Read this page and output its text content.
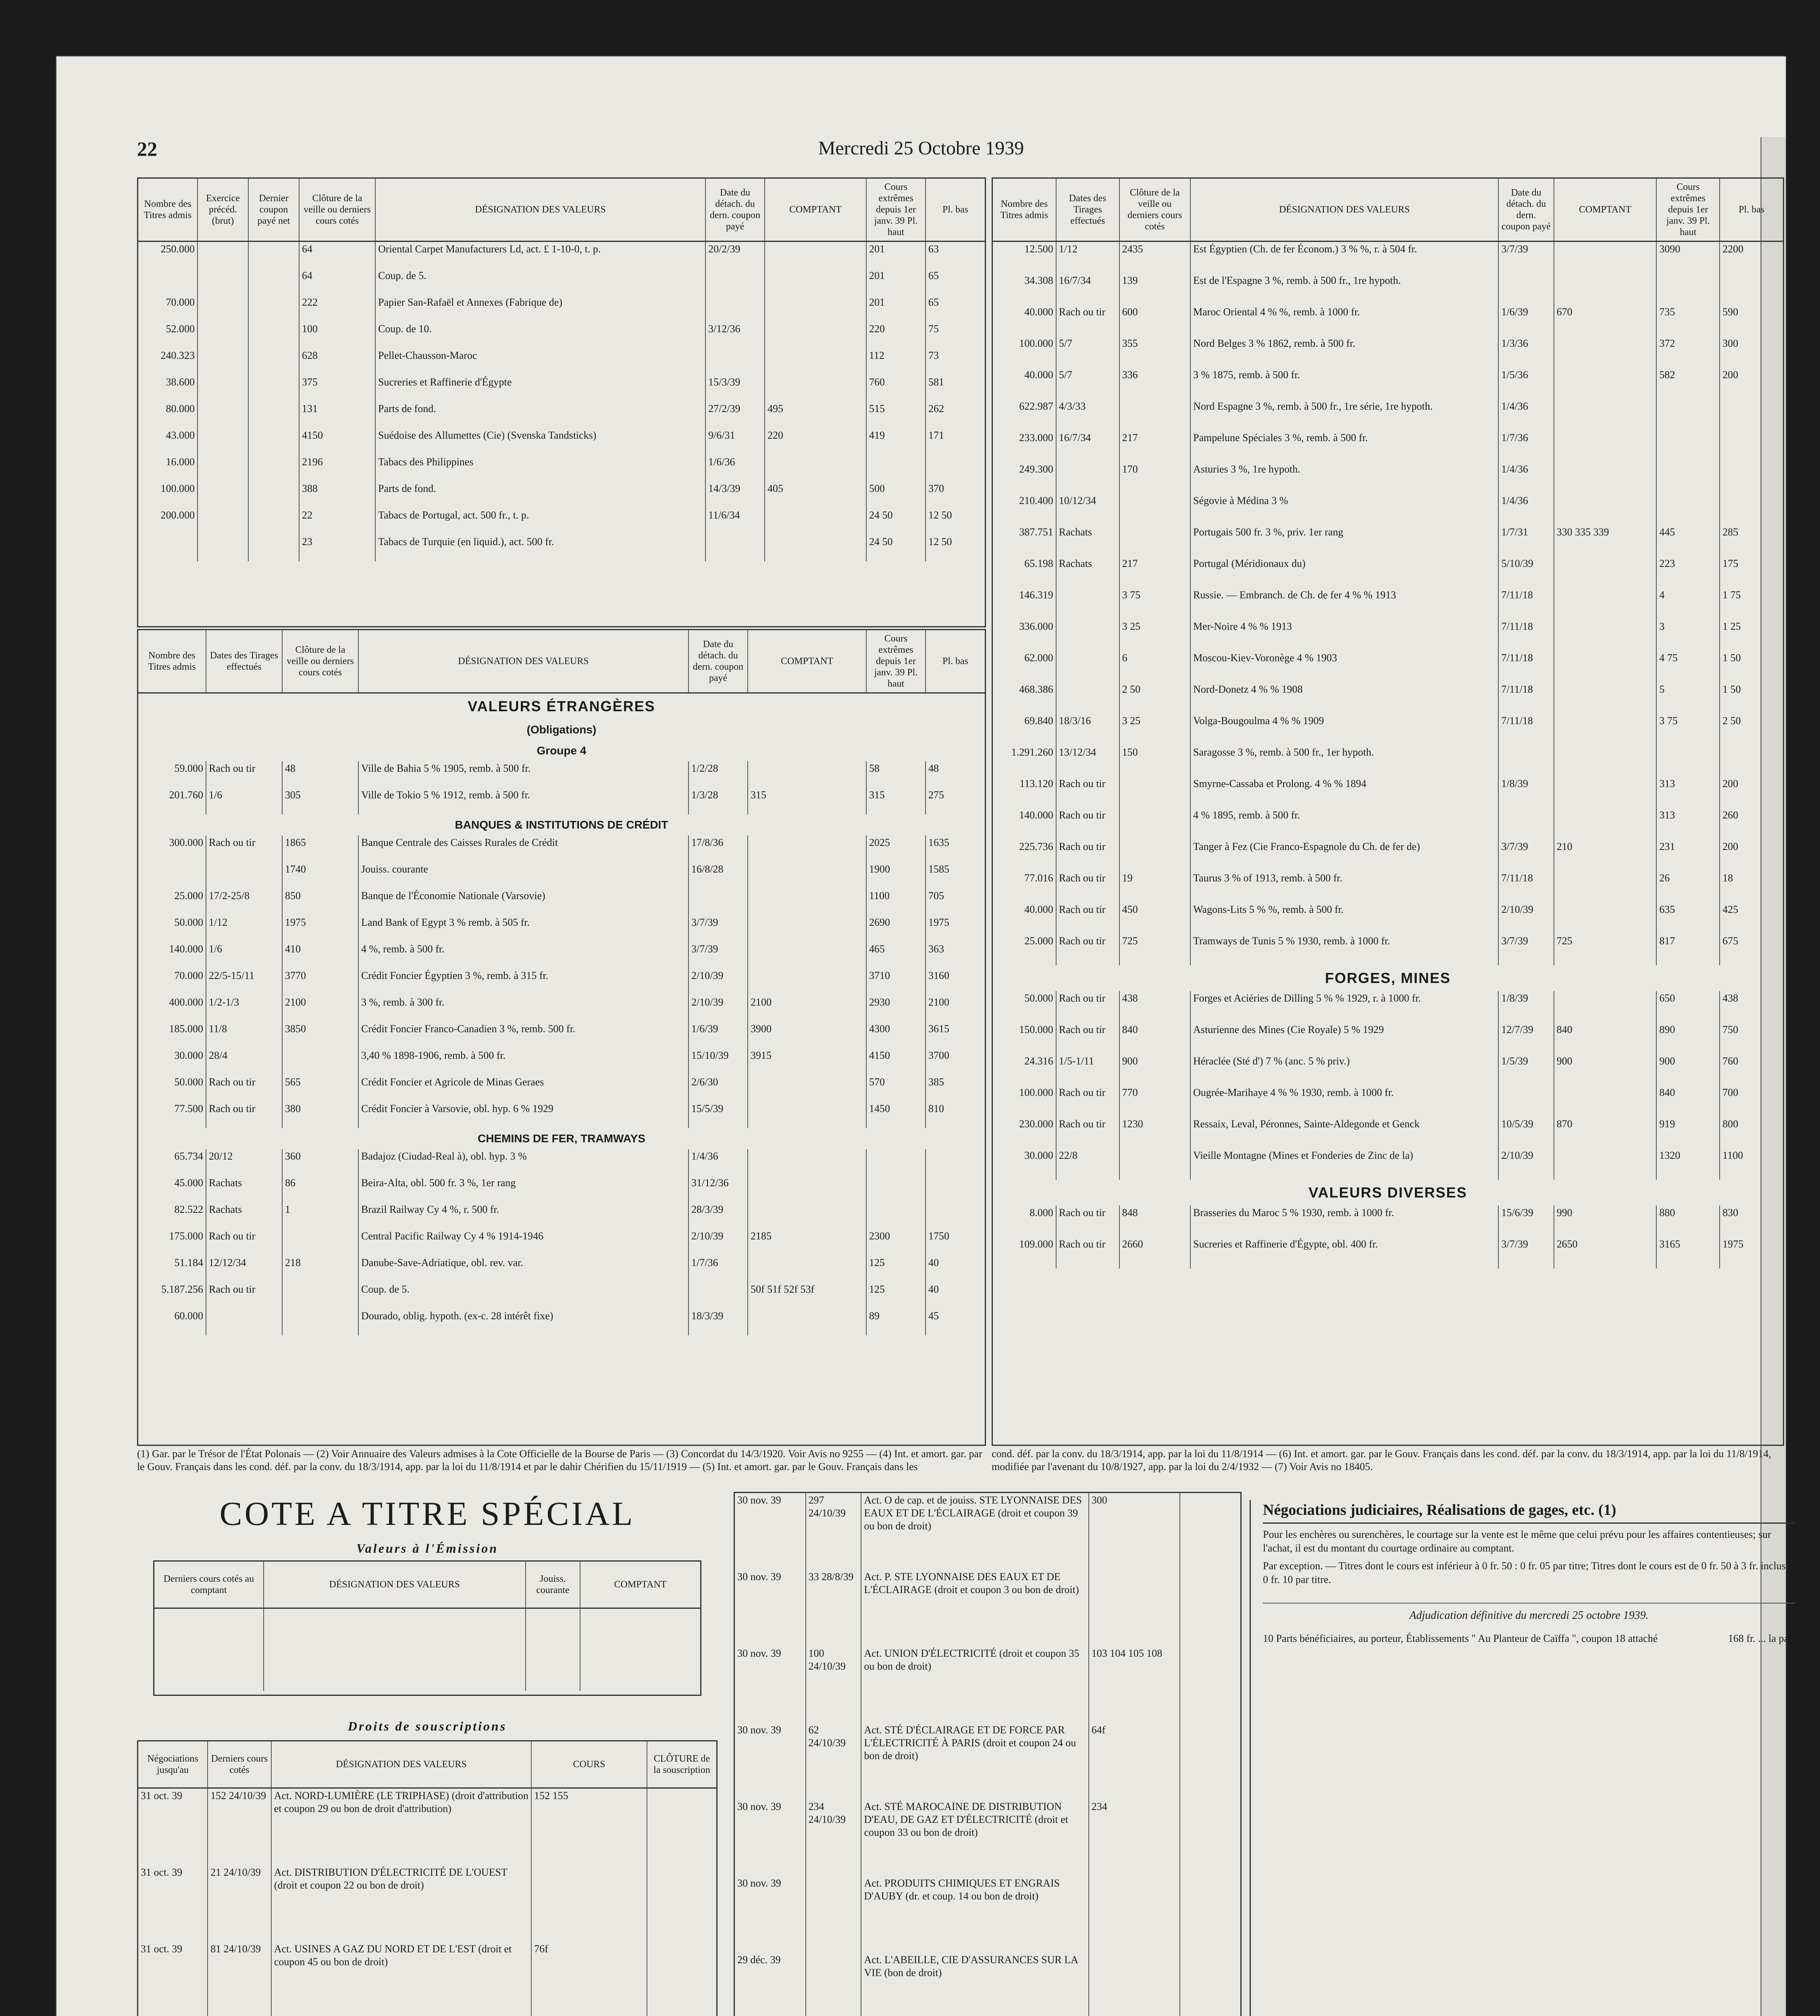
22	Mercredi 25 Octobre 1939
Nombre des Titres admis	Exercice précéd. (brut)	Dernier coupon payé net	Clôture de la veille ou derniers cours cotés	DÉSIGNATION DES VALEURS	Date du détach. du dern. coupon payé	COMPTANT	Cours extrêmes depuis 1er janv. 39 Pl. haut	Pl. bas
250.000			64	Oriental Carpet Manufacturers Ld, act. £ 1-10-0, t. p.	20/2/39		201	63
			64	Coup. de 5.			201	65
70.000			222	Papier San-Rafaël et Annexes (Fabrique de)			201	65
52.000			100	Coup. de 10.	3/12/36		220	75
240.323			628	Pellet-Chausson-Maroc			112	73
38.600			375	Sucreries et Raffinerie d'Égypte	15/3/39		760	581
80.000			131	Parts de fond.	27/2/39	495	515	262
43.000			4150	Suédoise des Allumettes (Cie) (Svenska Tandsticks)	9/6/31	220	419	171
16.000			2196	Tabacs des Philippines	1/6/36			
100.000			388	Parts de fond.	14/3/39	405	500	370
200.000			22	Tabacs de Portugal, act. 500 fr., t. p.	11/6/34		24 50	12 50
			23	Tabacs de Turquie (en liquid.), act. 500 fr.			24 50	12 50
Nombre des Titres admis	Dates des Tirages effectués	Clôture de la veille ou derniers cours cotés	DÉSIGNATION DES VALEURS	Date du détach. du dern. coupon payé	COMPTANT	Cours extrêmes depuis 1er janv. 39 Pl. haut	Pl. bas
VALEURS ÉTRANGÈRES							
(Obligations)							
Groupe 4							
59.000	Rach ou tir	48	Ville de Bahia 5 % 1905, remb. à 500 fr.	1/2/28		58	48
201.760	1/6	305	Ville de Tokio 5 % 1912, remb. à 500 fr.	1/3/28	315	315	275
BANQUES & INSTITUTIONS DE CRÉDIT							
300.000	Rach ou tir	1865	Banque Centrale des Caisses Rurales de Crédit	17/8/36		2025	1635
		1740	Jouiss. courante	16/8/28		1900	1585
25.000	17/2-25/8	850	Banque de l'Économie Nationale (Varsovie)			1100	705
50.000	1/12	1975	Land Bank of Egypt 3 % remb. à 505 fr.	3/7/39		2690	1975
140.000	1/6	410	4 %, remb. à 500 fr.	3/7/39		465	363
70.000	22/5-15/11	3770	Crédit Foncier Égyptien 3 %, remb. à 315 fr.	2/10/39		3710	3160
400.000	1/2-1/3	2100	3 %, remb. à 300 fr.	2/10/39	2100	2930	2100
185.000	11/8	3850	Crédit Foncier Franco-Canadien 3 %, remb. 500 fr.	1/6/39	3900	4300	3615
30.000	28/4		3,40 % 1898-1906, remb. à 500 fr.	15/10/39	3915	4150	3700
50.000	Rach ou tir	565	Crédit Foncier et Agricole de Minas Geraes	2/6/30		570	385
77.500	Rach ou tir	380	Crédit Foncier à Varsovie, obl. hyp. 6 % 1929	15/5/39		1450	810
CHEMINS DE FER, TRAMWAYS							
65.734	20/12	360	Badajoz (Ciudad-Real à), obl. hyp. 3 %	1/4/36			
45.000	Rachats	86	Beira-Alta, obl. 500 fr. 3 %, 1er rang	31/12/36			
82.522	Rachats	1	Brazil Railway Cy 4 %, r. 500 fr.	28/3/39			
175.000	Rach ou tir		Central Pacific Railway Cy 4 % 1914-1946	2/10/39	2185	2300	1750
51.184	12/12/34	218	Danube-Save-Adriatique, obl. rev. var.	1/7/36		125	40
5.187.256	Rach ou tir		Coup. de 5.		50f 51f 52f 53f	125	40
60.000			Dourado, oblig. hypoth. (ex-c. 28 intérêt fixe)	18/3/39		89	45
Nombre des Titres admis	Dates des Tirages effectués	Clôture de la veille ou derniers cours cotés	DÉSIGNATION DES VALEURS	Date du détach. du dern. coupon payé	COMPTANT	Cours extrêmes depuis 1er janv. 39 Pl. haut	Pl. bas
12.500	1/12	2435	Est Égyptien (Ch. de fer Économ.) 3 % %, r. à 504 fr.	3/7/39		3090	2200
34.308	16/7/34	139	Est de l'Espagne 3 %, remb. à 500 fr., 1re hypoth.				
40.000	Rach ou tir	600	Maroc Oriental 4 % %, remb. à 1000 fr.	1/6/39	670	735	590
100.000	5/7	355	Nord Belges 3 % 1862, remb. à 500 fr.	1/3/36		372	300
40.000	5/7	336	3 % 1875, remb. à 500 fr.	1/5/36		582	200
622.987	4/3/33		Nord Espagne 3 %, remb. à 500 fr., 1re série, 1re hypoth.	1/4/36			
233.000	16/7/34	217	Pampelune Spéciales 3 %, remb. à 500 fr.	1/7/36			
249.300		170	Asturies 3 %, 1re hypoth.	1/4/36			
210.400	10/12/34		Ségovie à Médina 3 %	1/4/36			
387.751	Rachats		Portugais 500 fr. 3 %, priv. 1er rang	1/7/31	330 335 339	445	285
65.198	Rachats	217	Portugal (Méridionaux du)	5/10/39		223	175
146.319		3 75	Russie. — Embranch. de Ch. de fer 4 % % 1913	7/11/18		4	1 75
336.000		3 25	Mer-Noire 4 % % 1913	7/11/18		3	1 25
62.000		6	Moscou-Kiev-Voronège 4 % 1903	7/11/18		4 75	1 50
468.386		2 50	Nord-Donetz 4 % % 1908	7/11/18		5	1 50
69.840	18/3/16	3 25	Volga-Bougoulma 4 % % 1909	7/11/18		3 75	2 50
1.291.260	13/12/34	150	Saragosse 3 %, remb. à 500 fr., 1er hypoth.				
113.120	Rach ou tir		Smyrne-Cassaba et Prolong. 4 % % 1894	1/8/39		313	200
140.000	Rach ou tir		4 % 1895, remb. à 500 fr.			313	260
225.736	Rach ou tir		Tanger à Fez (Cie Franco-Espagnole du Ch. de fer de)	3/7/39	210	231	200
77.016	Rach ou tir	19	Taurus 3 % of 1913, remb. à 500 fr.	7/11/18		26	18
40.000	Rach ou tir	450	Wagons-Lits 5 % %, remb. à 500 fr.	2/10/39		635	425
25.000	Rach ou tir	725	Tramways de Tunis 5 % 1930, remb. à 1000 fr.	3/7/39	725	817	675
FORGES, MINES							
50.000	Rach ou tir	438	Forges et Aciéries de Dilling 5 % % 1929, r. à 1000 fr.	1/8/39		650	438
150.000	Rach ou tir	840	Asturienne des Mines (Cie Royale) 5 % 1929	12/7/39	840	890	750
24.316	1/5-1/11	900	Héraclée (Sté d') 7 % (anc. 5 % priv.)	1/5/39	900	900	760
100.000	Rach ou tir	770	Ougrée-Marihaye 4 % % 1930, remb. à 1000 fr.			840	700
230.000	Rach ou tir	1230	Ressaix, Leval, Péronnes, Sainte-Aldegonde et Genck	10/5/39	870	919	800
30.000	22/8		Vieille Montagne (Mines et Fonderies de Zinc de la)	2/10/39		1320	1100
VALEURS DIVERSES							
8.000	Rach ou tir	848	Brasseries du Maroc 5 % 1930, remb. à 1000 fr.	15/6/39	990	880	830
109.000	Rach ou tir	2660	Sucreries et Raffinerie d'Égypte, obl. 400 fr.	3/7/39	2650	3165	1975
(1) Gar. par le Trésor de l'État Polonais — (2) Voir Annuaire des Valeurs admises à la Cote Officielle de la Bourse de Paris — (3) Concordat du 14/3/1920. Voir Avis no 9255 — (4) Int. et amort. gar. par le Gouv. Français dans les cond. déf. par la conv. du 18/3/1914, app. par la loi du 11/8/1914 et par le dahir Chérifien du 15/11/1919 — (5) Int. et amort. gar. par le Gouv. Français dans les
cond. déf. par la conv. du 18/3/1914, app. par la loi du 11/8/1914 — (6) Int. et amort. gar. par le Gouv. Français dans les cond. déf. par la conv. du 18/3/1914, app. par la loi du 11/8/1914, modifiée par l'avenant du 10/8/1927, app. par la loi du 2/4/1932 — (7) Voir Avis no 18405.
COTE A TITRE SPÉCIAL
Valeurs à l'Émission
Derniers cours cotés au comptant	DÉSIGNATION DES VALEURS	Jouiss. courante	COMPTANT

Droits de souscriptions
Négociations jusqu'au	Derniers cours cotés	DÉSIGNATION DES VALEURS	COURS	CLÔTURE de la souscription
31 oct. 39	152 24/10/39	Act. NORD-LUMIÈRE (LE TRIPHASE) (droit d'attribution et coupon 29 ou bon de droit d'attribution)	152 155	
31 oct. 39	21 24/10/39	Act. DISTRIBUTION D'ÉLECTRICITÉ DE L'OUEST (droit et coupon 22 ou bon de droit)		
31 oct. 39	81 24/10/39	Act. USINES A GAZ DU NORD ET DE L'EST (droit et coupon 45 ou bon de droit)	76f	

30 nov. 39	297 24/10/39	Act. O de cap. et de jouiss. STE LYONNAISE DES EAUX ET DE L'ÉCLAIRAGE (droit et coupon 39 ou bon de droit)	300	
30 nov. 39	33 28/8/39	Act. P. STE LYONNAISE DES EAUX ET DE L'ÉCLAIRAGE (droit et coupon 3 ou bon de droit)		
30 nov. 39	100 24/10/39	Act. UNION D'ÉLECTRICITÉ (droit et coupon 35 ou bon de droit)	103 104 105 108	
30 nov. 39	62 24/10/39	Act. STÉ D'ÉCLAIRAGE ET DE FORCE PAR L'ÉLECTRICITÉ À PARIS (droit et coupon 24 ou bon de droit)	64f	
30 nov. 39	234 24/10/39	Act. STÉ MAROCAINE DE DISTRIBUTION D'EAU, DE GAZ ET D'ÉLECTRICITÉ (droit et coupon 33 ou bon de droit)	234	
30 nov. 39		Act. PRODUITS CHIMIQUES ET ENGRAIS D'AUBY (dr. et coup. 14 ou bon de droit)		
29 déc. 39		Act. L'ABEILLE, CIE D'ASSURANCES SUR LA VIE (bon de droit)		

Négociations judiciaires, Réalisations de gages, etc. (1)
Pour les enchères ou surenchères, le courtage sur la vente est le même que celui prévu pour les affaires contentieuses; sur l'achat, il est du montant du courtage ordinaire au comptant.
Par exception. — Titres dont le cours est inférieur à 0 fr. 50 : 0 fr. 05 par titre; Titres dont le cours est de 0 fr. 50 à 3 fr. inclus : 0 fr. 10 par titre.
Adjudication définitive du mercredi 25 octobre 1939.
10 Parts bénéficiaires, au porteur, Établissements " Au Planteur de Caïffa ", coupon 18 attaché	168 fr. ... la part
